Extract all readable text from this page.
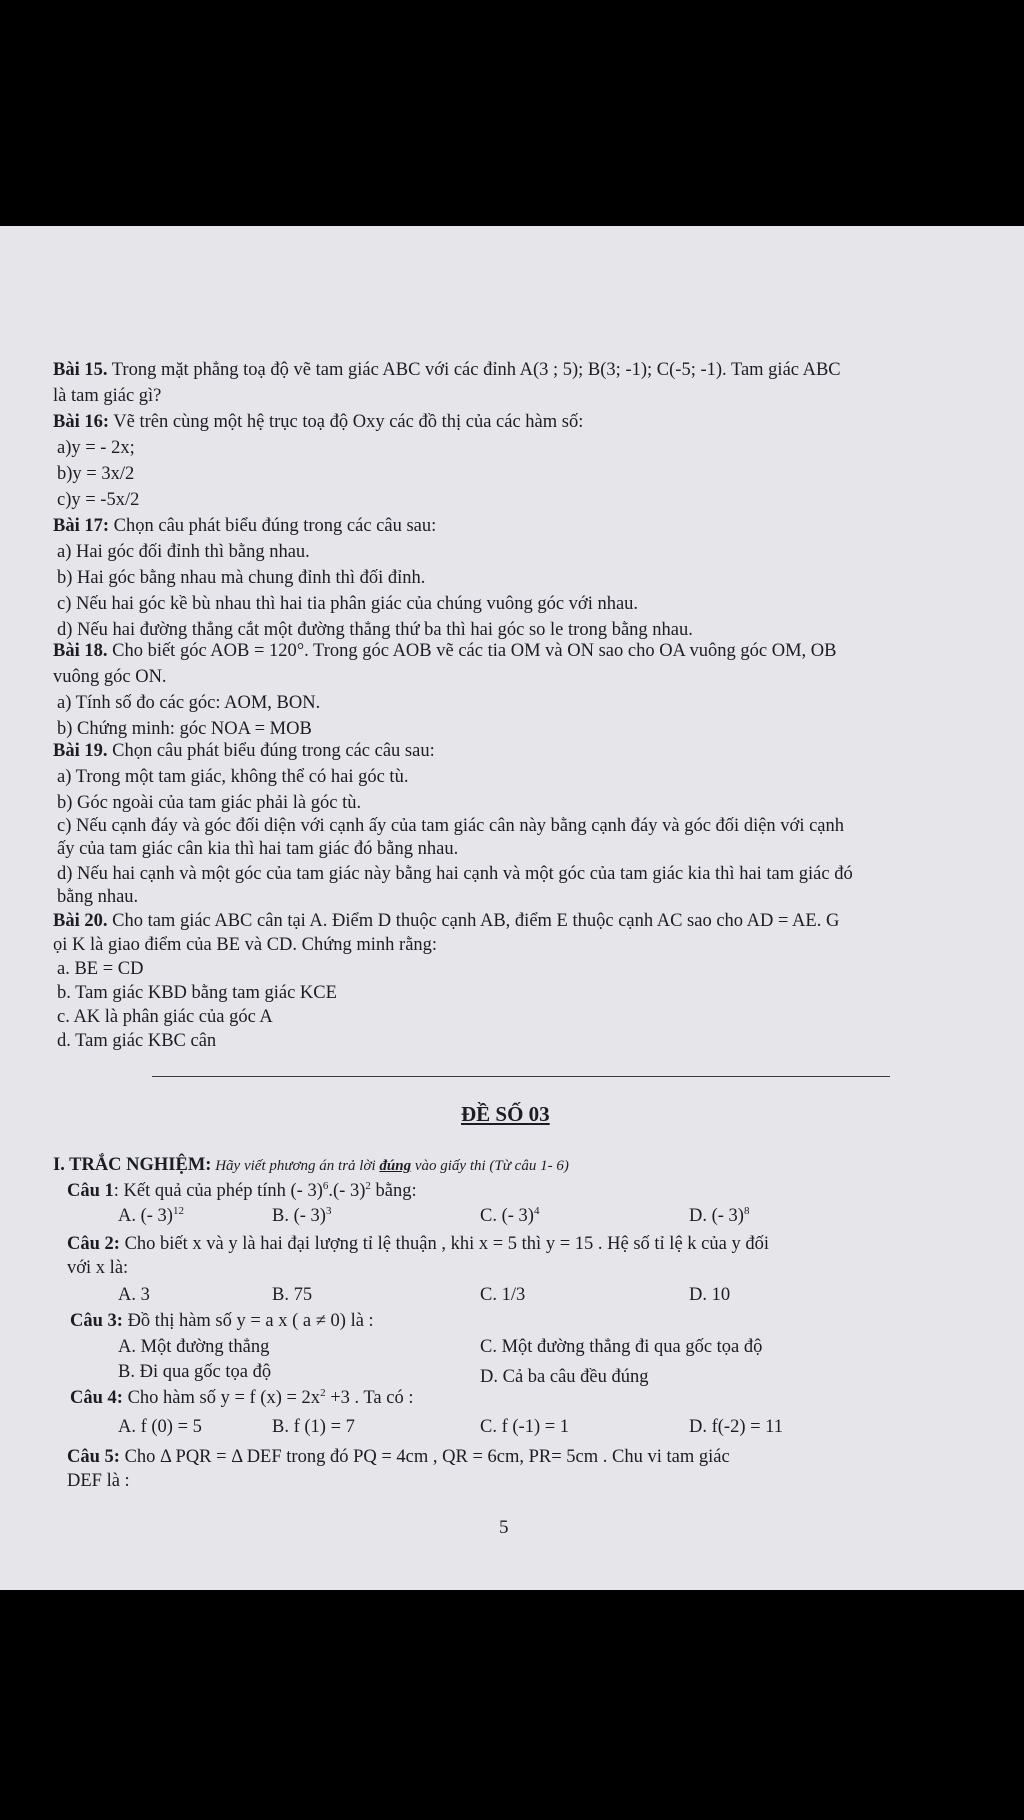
Bài 15. Trong mặt phẳng toạ độ vẽ tam giác ABC với các đỉnh A(3 ; 5); B(3; -1); C(-5; -1). Tam giác ABC
là tam giác gì?
Bài 16: Vẽ trên cùng một hệ trục toạ độ Oxy các đồ thị của các hàm số:
a)y = - 2x;
b)y = 3x/2
c)y = -5x/2
Bài 17: Chọn câu phát biểu đúng trong các câu sau:
a) Hai góc đối đỉnh thì bằng nhau.
b) Hai góc bằng nhau mà chung đỉnh thì đối đỉnh.
c) Nếu hai góc kề bù nhau thì hai tia phân giác của chúng vuông góc với nhau.
d) Nếu hai đường thẳng cắt một đường thẳng thứ ba thì hai góc so le trong bằng nhau.
Bài 18. Cho biết góc AOB = 120°. Trong góc AOB vẽ các tia OM và ON sao cho OA vuông góc OM, OB
vuông góc ON.
a) Tính số đo các góc: AOM, BON.
b) Chứng minh: góc NOA = MOB
Bài 19. Chọn câu phát biểu đúng trong các câu sau:
a) Trong một tam giác, không thể có hai góc tù.
b) Góc ngoài của tam giác phải là góc tù.
c) Nếu cạnh đáy và góc đối diện với cạnh ấy của tam giác cân này bằng cạnh đáy và góc đối diện với cạnh
ấy của tam giác cân kia thì hai tam giác đó bằng nhau.
d) Nếu hai cạnh và một góc của tam giác này bằng hai cạnh và một góc của tam giác kia thì hai tam giác đó
bằng nhau.
Bài 20. Cho tam giác ABC cân tại A. Điểm D thuộc cạnh AB, điểm E thuộc cạnh AC sao cho AD = AE. G
ọi K là giao điểm của BE và CD. Chứng minh rằng:
a. BE = CD
b. Tam giác KBD bằng tam giác KCE
c. AK là phân giác của góc A
d. Tam giác KBC cân
ĐỀ SỐ 03
I. TRẮC NGHIỆM: Hãy viết phương án trả lời đúng vào giấy thi (Từ câu 1- 6)
Câu 1: Kết quả của phép tính (- 3)$^6$.(- 3)$^2$ bằng:
A. (- 3)$^{12}$	B. (- 3)$^3$	C. (- 3)$^4$	D. (- 3)$^8$
Câu 2: Cho biết x và y là hai đại lượng tỉ lệ thuận , khi x = 5 thì y = 15 . Hệ số tỉ lệ k của y đối
với x là:
A. 3	B. 75	C. 1/3	D. 10
Câu 3: Đồ thị hàm số y = a x ( a ≠ 0) là :
A. Một đường thẳng	C. Một đường thẳng đi qua gốc tọa độ
B. Đi qua gốc tọa độ	D. Cả ba câu đều đúng
Câu 4: Cho hàm số y = f $(x) = 2x^2 +3$ . Ta có :
A. f (0) = 5	B. f (1) = 7	C. f (-1) = 1	D. f(-2) = 11
Câu 5: Cho Δ PQR = Δ DEF trong đó PQ = 4cm , QR = 6cm, PR= 5cm . Chu vi tam giác
DEF là :
5
